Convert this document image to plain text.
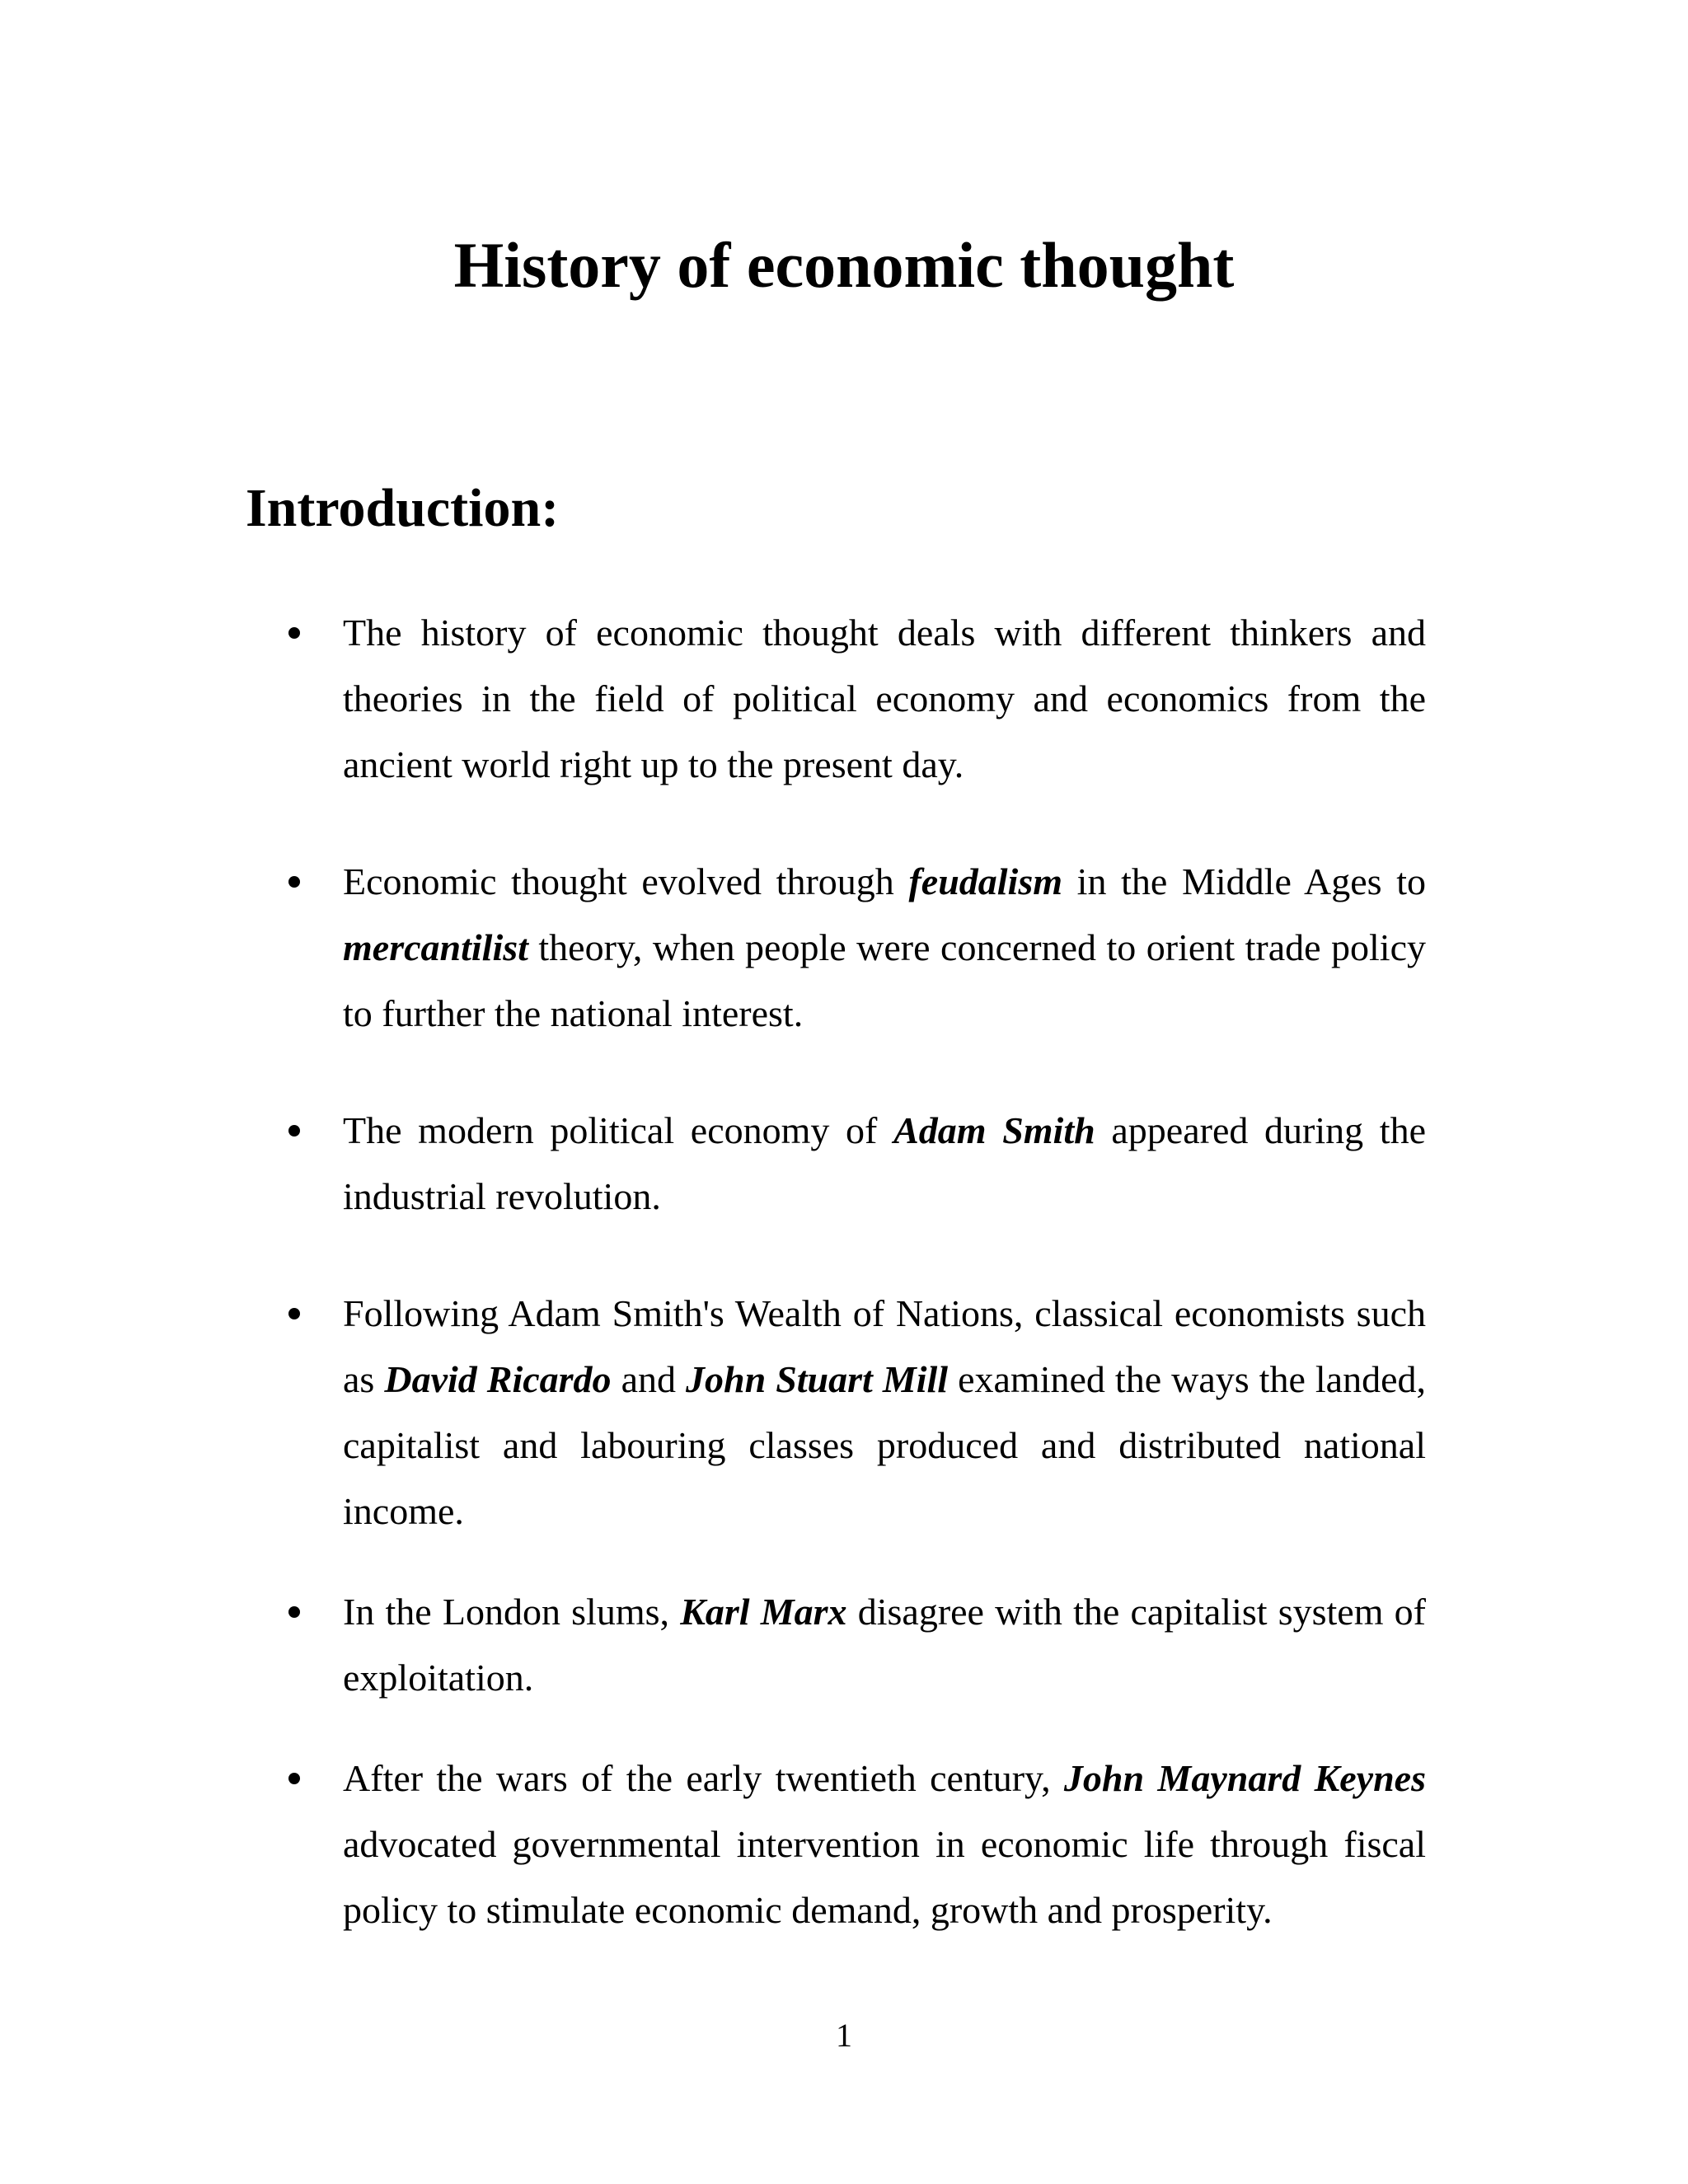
History of economic thought
Introduction:
The history of economic thought deals with different thinkers and theories in the field of political economy and economics from the ancient world right up to the present day.
Economic thought evolved through feudalism in the Middle Ages to mercantilist theory, when people were concerned to orient trade policy to further the national interest.
The modern political economy of Adam Smith appeared during the industrial revolution.
Following Adam Smith's Wealth of Nations, classical economists such as David Ricardo and John Stuart Mill examined the ways the landed, capitalist and labouring classes produced and distributed national income.
In the London slums, Karl Marx disagree with the capitalist system of exploitation.
After the wars of the early twentieth century, John Maynard Keynes advocated governmental intervention in economic life through fiscal policy to stimulate economic demand, growth and prosperity.
1
